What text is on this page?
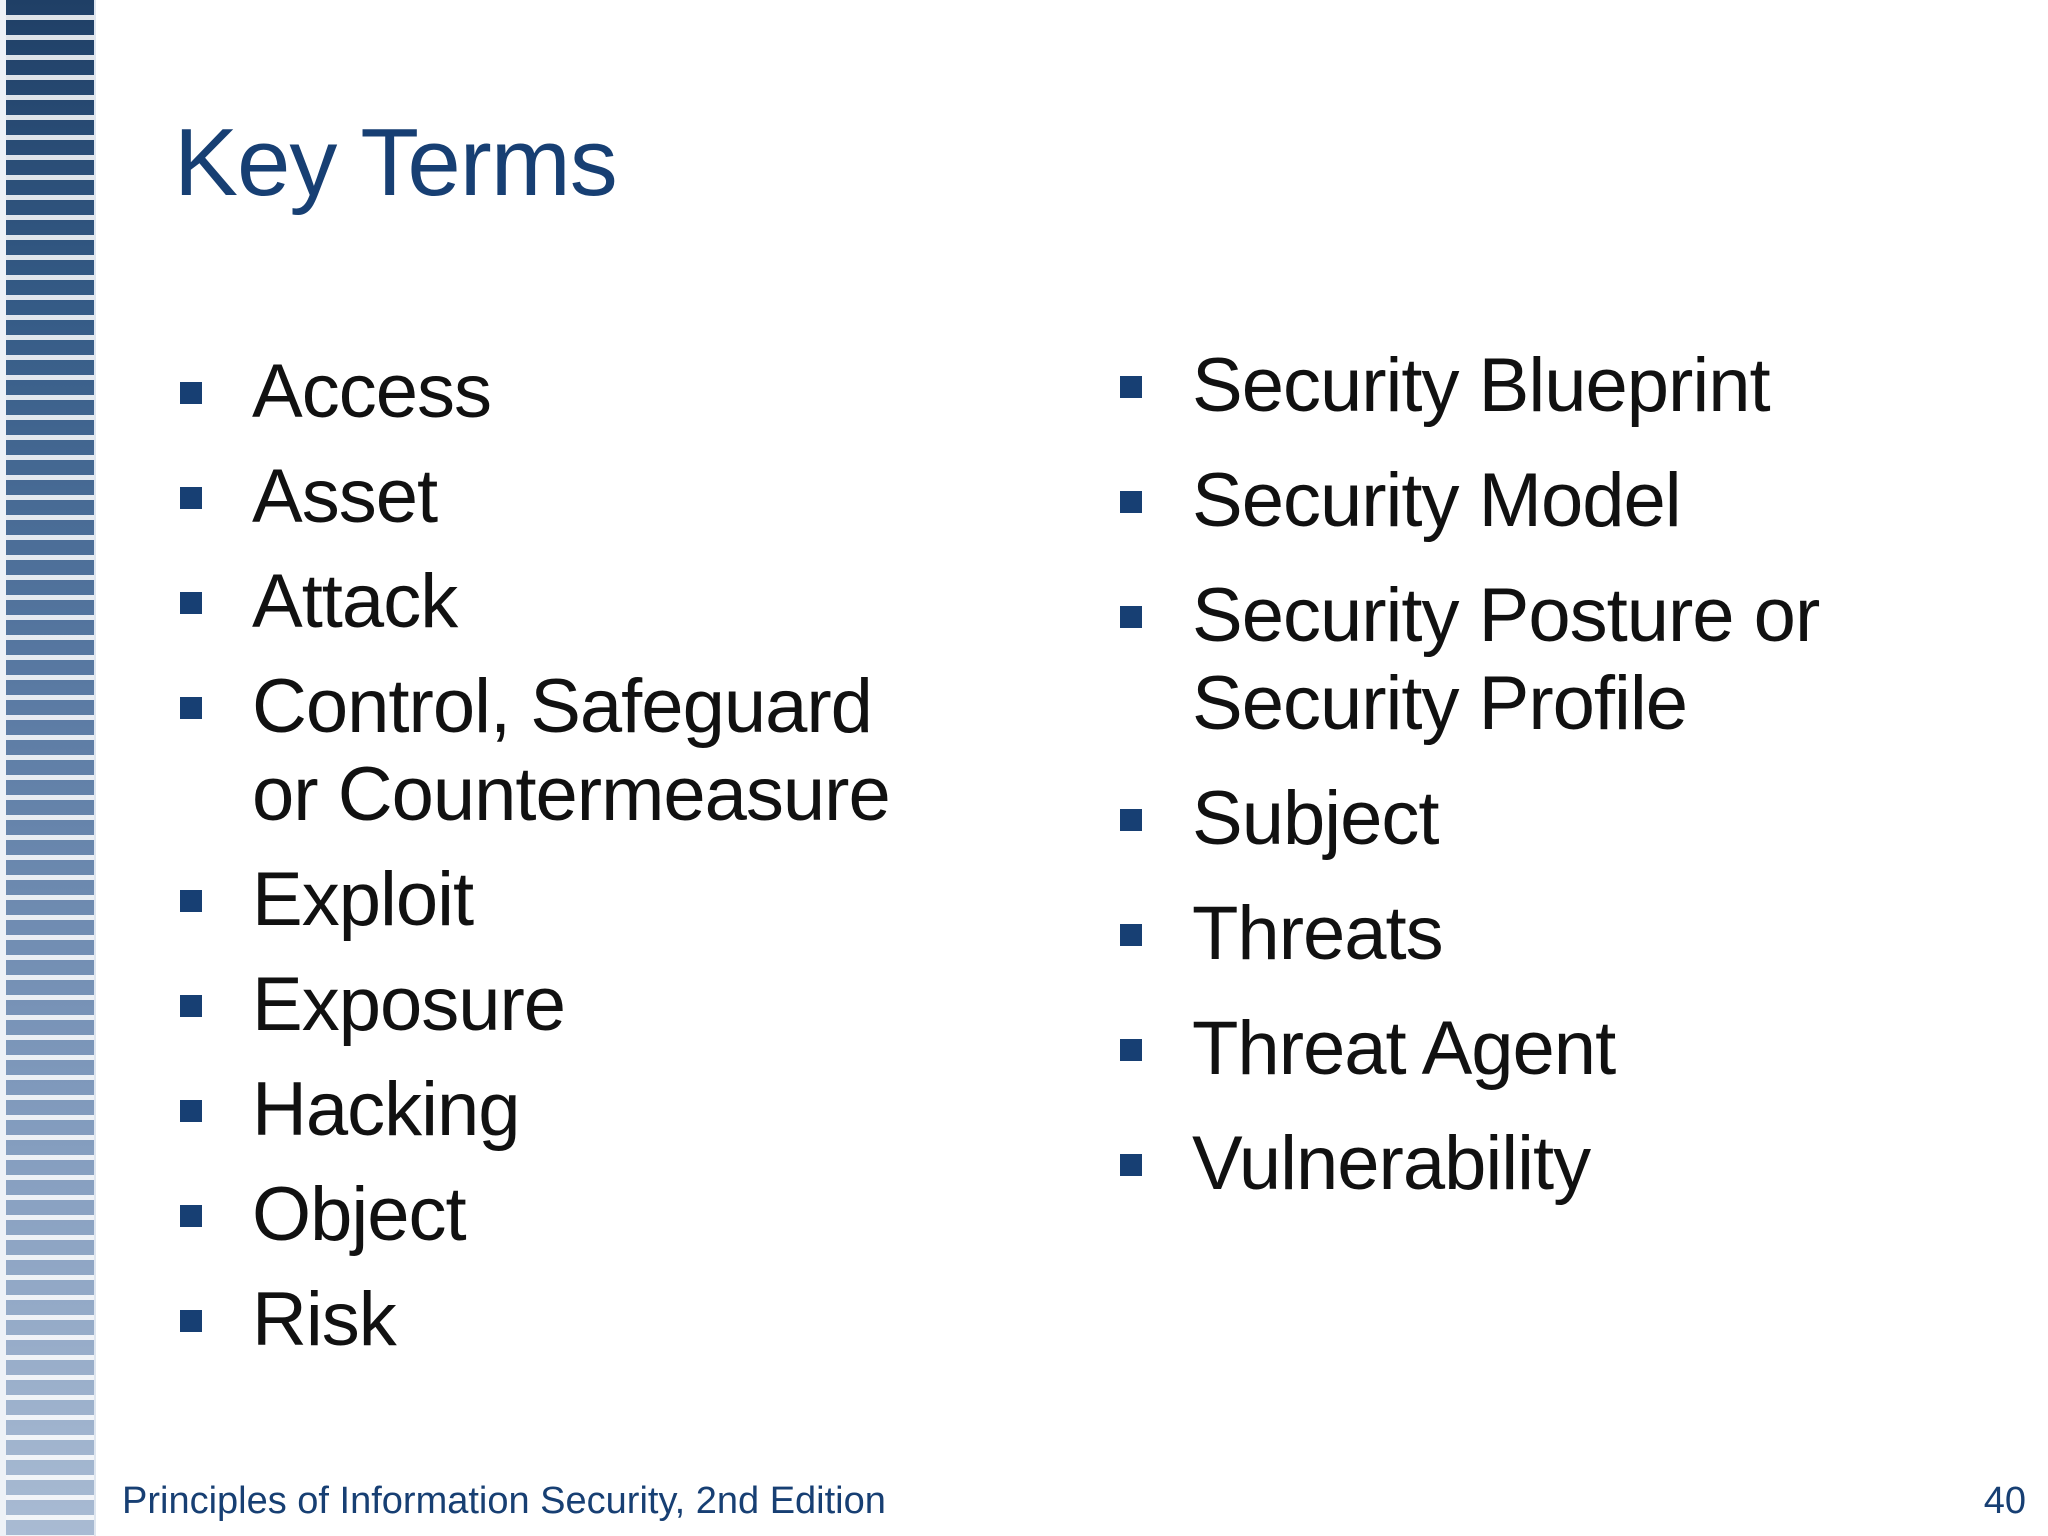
Key Terms
Access
Asset
Attack
Control, Safeguard or Countermeasure
Exploit
Exposure
Hacking
Object
Risk
Security Blueprint
Security Model
Security Posture or Security Profile
Subject
Threats
Threat Agent
Vulnerability
Principles of Information Security, 2nd Edition	40
